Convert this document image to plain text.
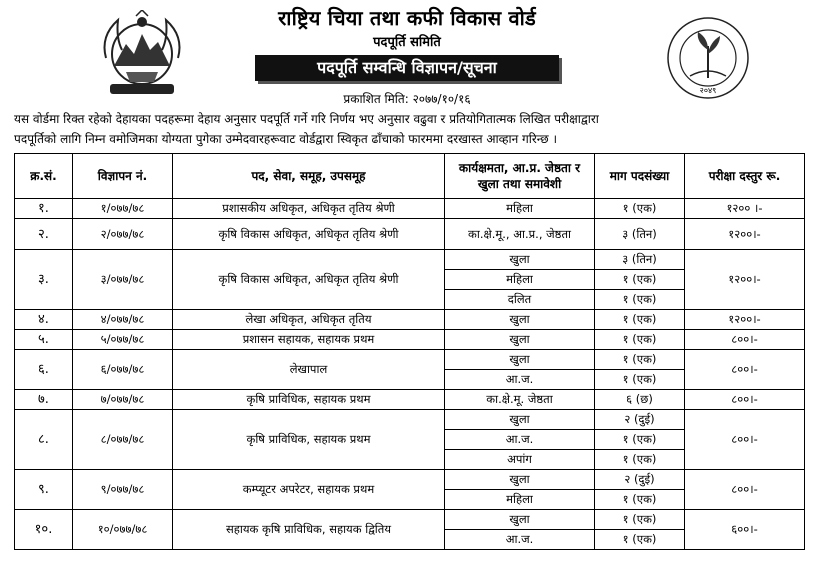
राष्ट्रिय चिया तथा कफी विकास वोर्ड
पदपूर्ति समिति
पदपूर्ति सम्वन्धि विज्ञापन/सूचना
प्रकाशित मिति: २०७७/१०/१६
२०४९
यस वोर्डमा रिक्त रहेको देहायका पदहरूमा देहाय अनुसार पदपूर्ति गर्ने गरि निर्णय भए अनुसार वढुवा र प्रतियोगितात्मक लिखित परीक्षाद्वारा
पदपूर्तिको लागि निम्न वमोजिमका योग्यता पुगेका उम्मेदवारहरूवाट वोर्डद्वारा स्विकृत ढाँचाको फारममा दरखास्त आव्हान गरिन्छ ।
क्र.सं.	विज्ञापन नं.	पद, सेवा, समूह, उपसमूह	कार्यक्षमता, आ.प्र. जेष्ठता र खुला तथा समावेशी	माग पदसंख्या	परीक्षा दस्तुर रू.
१.	१/०७७/७८	प्रशासकीय अधिकृत, अधिकृत तृतिय श्रेणी	महिला	१ (एक)	१२०० ।-
२.	२/०७७/७८	कृषि विकास अधिकृत, अधिकृत तृतिय श्रेणी	का.क्षे.मू., आ.प्र., जेष्ठता	३ (तिन)	१२००।-
३.	३/०७७/७८	कृषि विकास अधिकृत, अधिकृत तृतिय श्रेणी	खुला	३ (तिन)	१२००।-
			महिला	१ (एक)	
			दलित	१ (एक)	
४.	४/०७७/७८	लेखा अधिकृत, अधिकृत तृतिय	खुला	१ (एक)	१२००।-
५.	५/०७७/७८	प्रशासन सहायक, सहायक प्रथम	खुला	१ (एक)	८००।-
६.	६/०७७/७८	लेखापाल	खुला	१ (एक)	८००।-
			आ.ज.	१ (एक)	
७.	७/०७७/७८	कृषि प्राविधिक, सहायक प्रथम	का.क्षे.मू. जेष्ठता	६ (छ)	८००।-
८.	८/०७७/७८	कृषि प्राविधिक, सहायक प्रथम	खुला	२ (दुई)	८००।-
			आ.ज.	१ (एक)	
			अपांग	१ (एक)	
९.	९/०७७/७८	कम्प्यूटर अपरेटर, सहायक प्रथम	खुला	२ (दुई)	८००।-
			महिला	१ (एक)	
१०.	१०/०७७/७८	सहायक कृषि प्राविधिक, सहायक द्वितिय	खुला	१ (एक)	६००।-
			आ.ज.	१ (एक)	
